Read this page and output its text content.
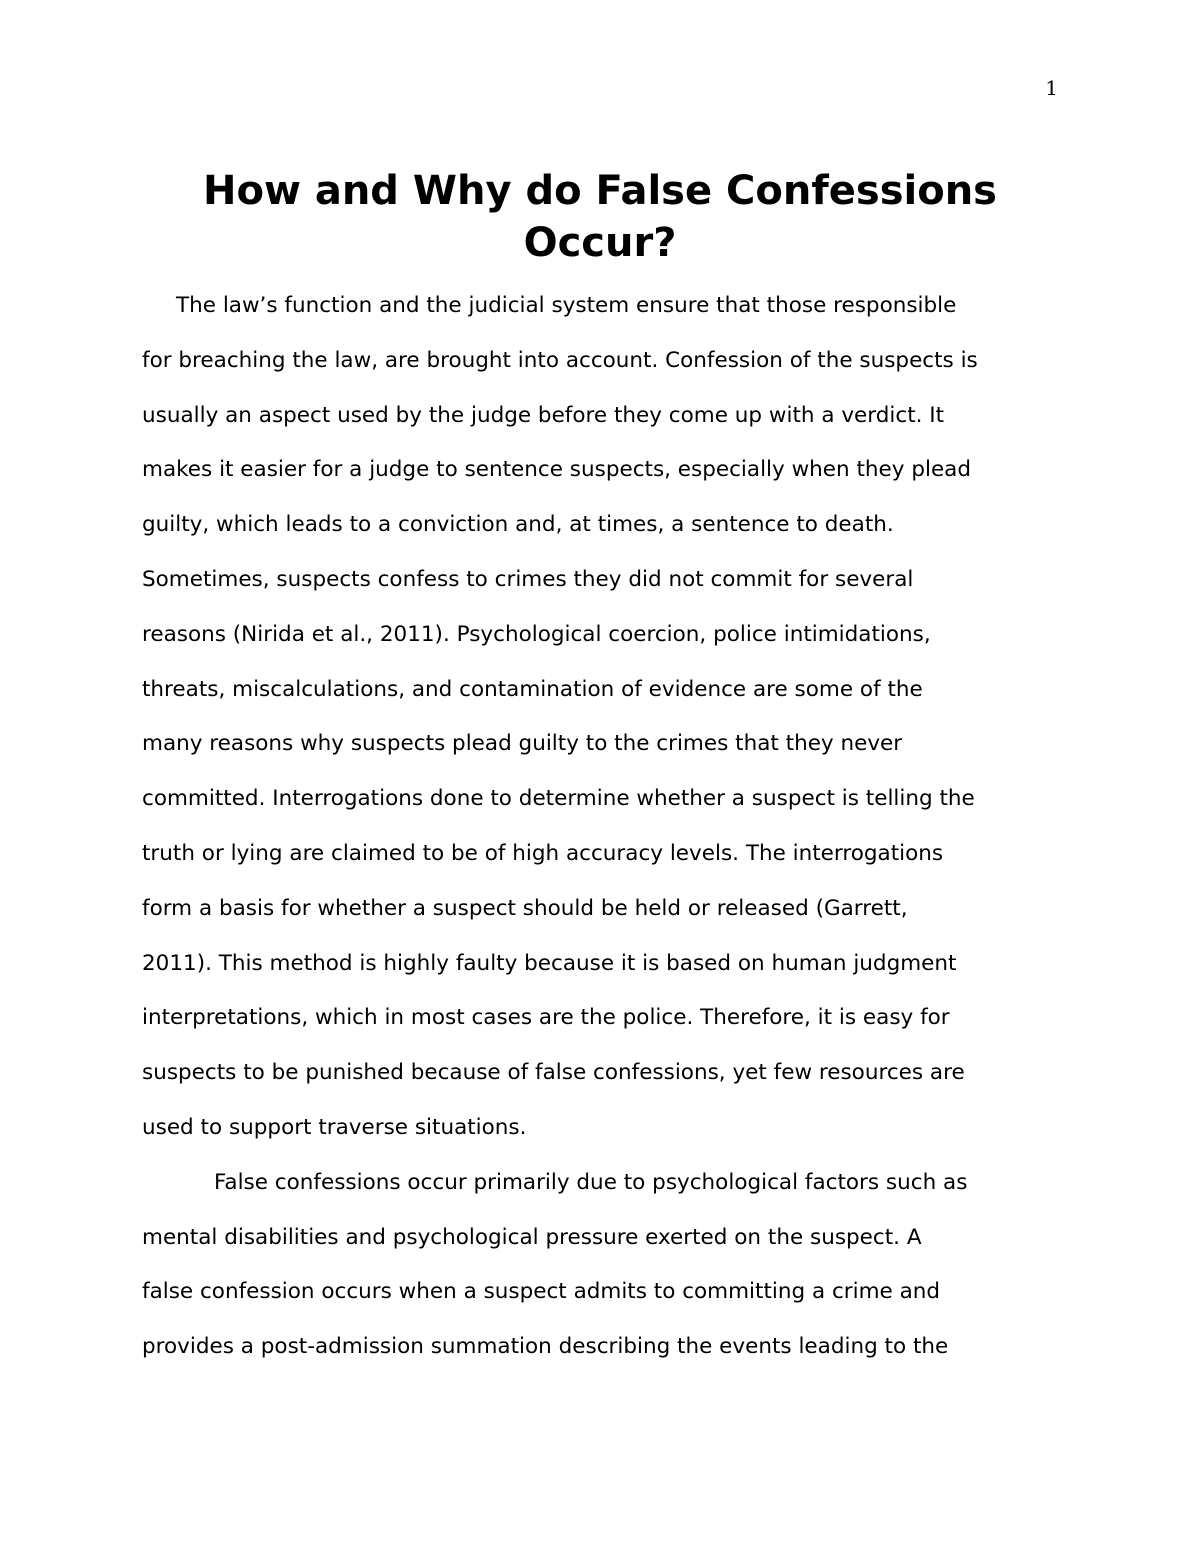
1
How and Why do False Confessions
Occur?

The law’s function and the judicial system ensure that those responsible
for breaching the law, are brought into account. Confession of the suspects is
usually an aspect used by the judge before they come up with a verdict. It
makes it easier for a judge to sentence suspects, especially when they plead
guilty, which leads to a conviction and, at times, a sentence to death.
Sometimes, suspects confess to crimes they did not commit for several
reasons (Nirida et al., 2011). Psychological coercion, police intimidations,
threats, miscalculations, and contamination of evidence are some of the
many reasons why suspects plead guilty to the crimes that they never
committed. Interrogations done to determine whether a suspect is telling the
truth or lying are claimed to be of high accuracy levels. The interrogations
form a basis for whether a suspect should be held or released (Garrett,
2011). This method is highly faulty because it is based on human judgment
interpretations, which in most cases are the police. Therefore, it is easy for
suspects to be punished because of false confessions, yet few resources are
used to support traverse situations.

False confessions occur primarily due to psychological factors such as
mental disabilities and psychological pressure exerted on the suspect. A
false confession occurs when a suspect admits to committing a crime and
provides a post-admission summation describing the events leading to the
